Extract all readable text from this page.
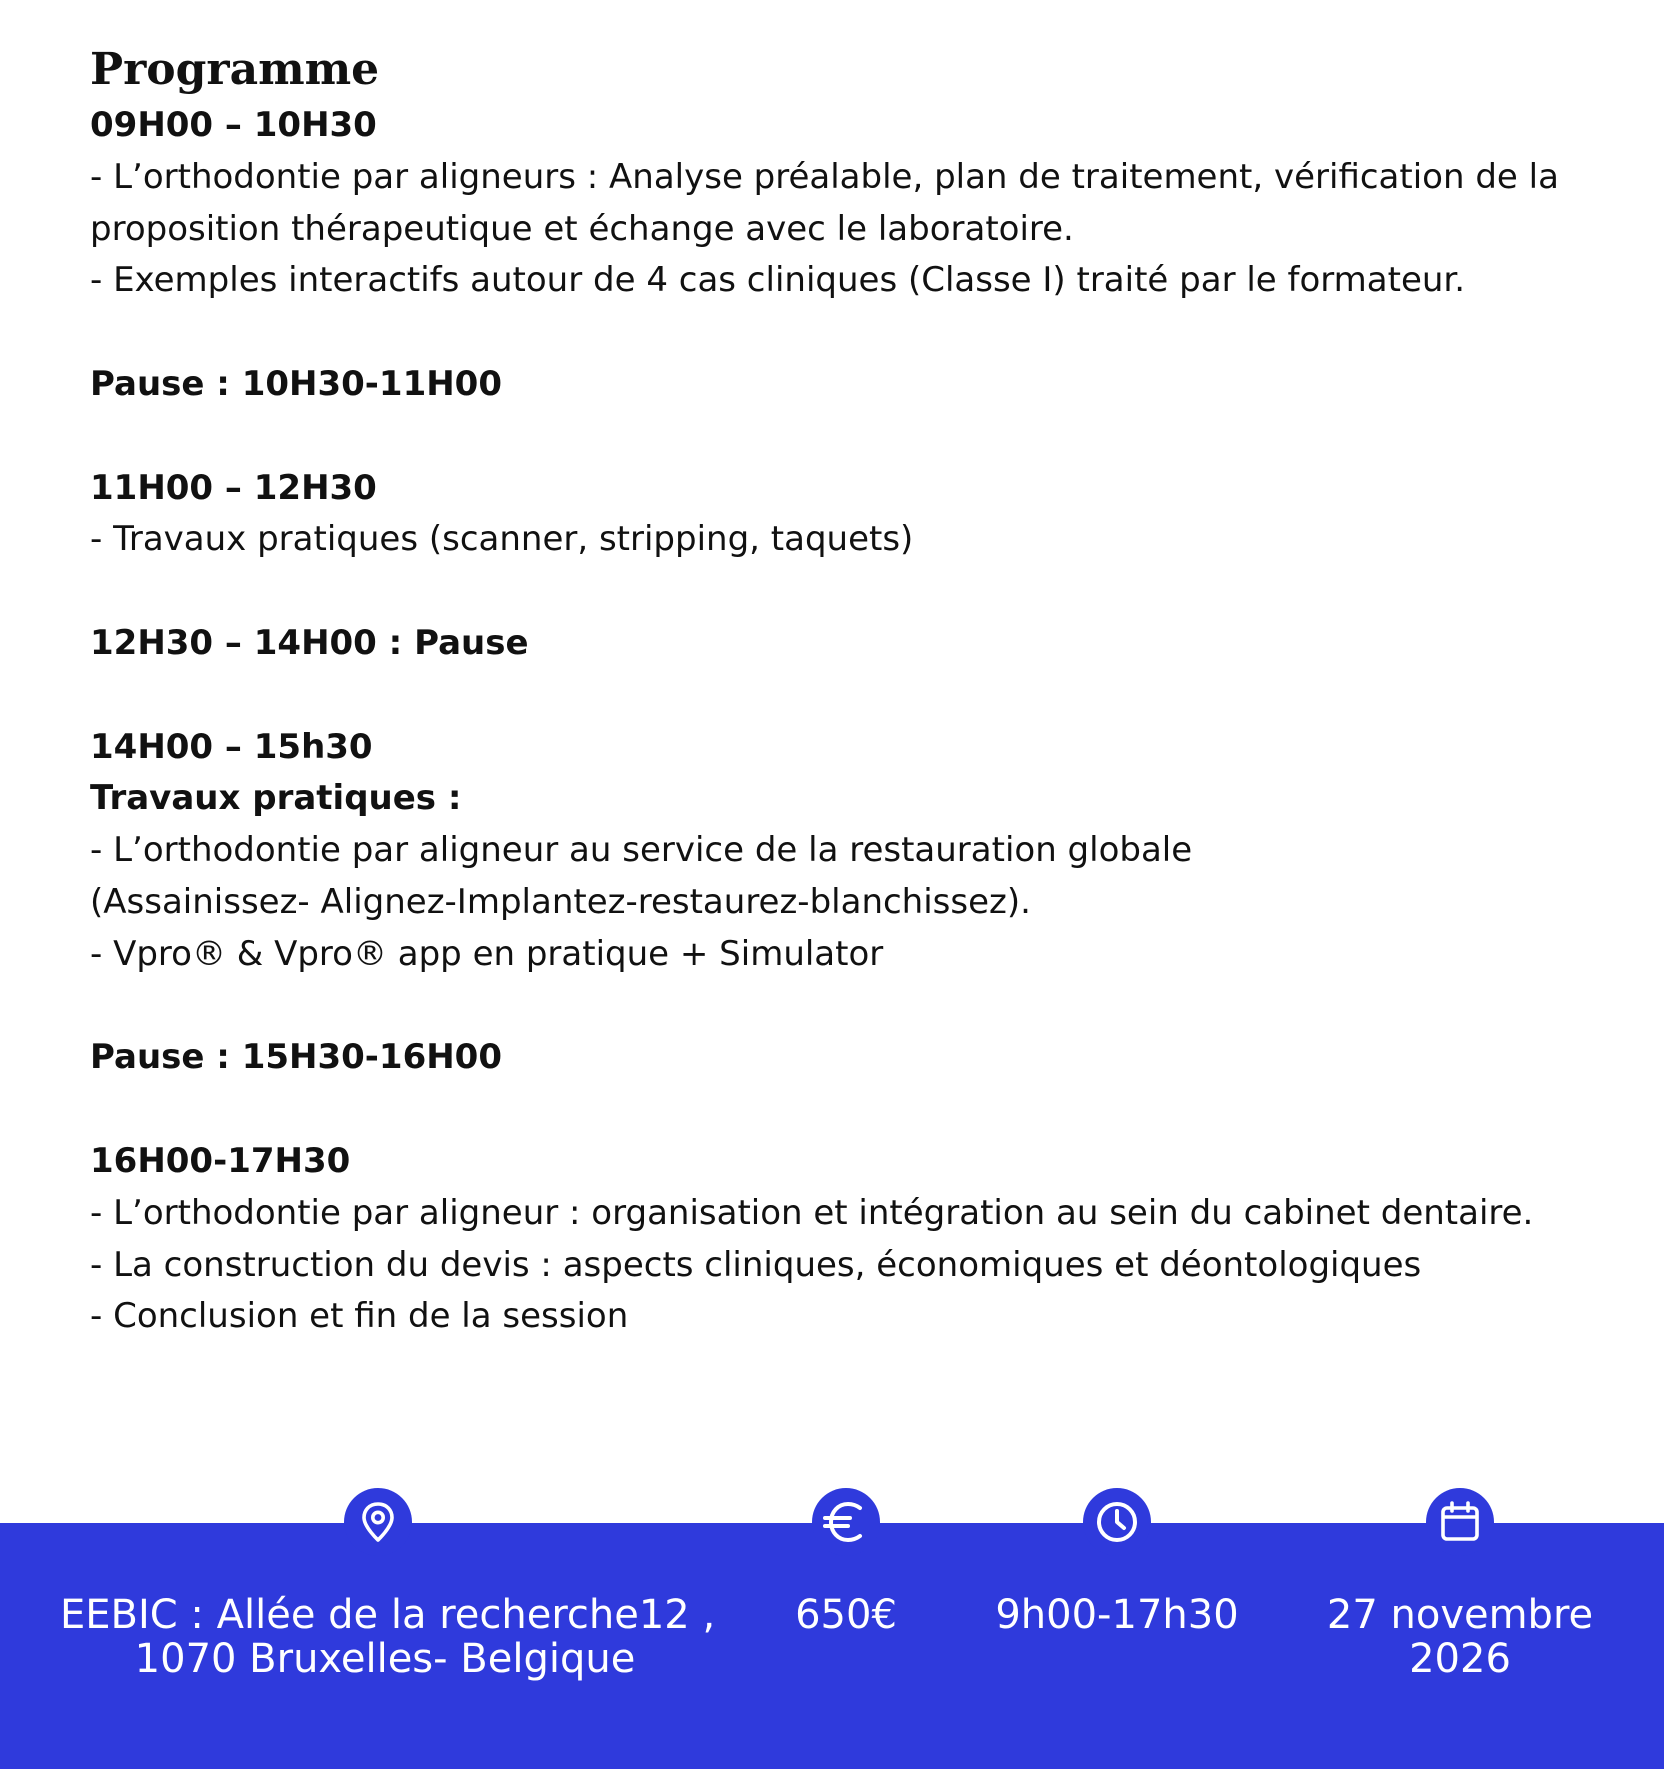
Programme
09H00 – 10H30
- L’orthodontie par aligneurs : Analyse préalable, plan de traitement, vérification de la
proposition thérapeutique et échange avec le laboratoire.
- Exemples interactifs autour de 4 cas cliniques (Classe I) traité par le formateur.
Pause : 10H30-11H00
11H00 – 12H30
- Travaux pratiques (scanner, stripping, taquets)
12H30 – 14H00 : Pause
14H00 – 15h30
Travaux pratiques :
- L’orthodontie par aligneur au service de la restauration globale
(Assainissez- Alignez-Implantez-restaurez-blanchissez).
- Vpro® & Vpro® app en pratique + Simulator
Pause : 15H30-16H00
16H00-17H30
- L’orthodontie par aligneur : organisation et intégration au sein du cabinet dentaire.
- La construction du devis : aspects cliniques, économiques et déontologiques
- Conclusion et fin de la session
EEBIC : Allée de la recherche12 ,
1070 Bruxelles- Belgique
650€	9h00-17h30	27 novembre
2026
